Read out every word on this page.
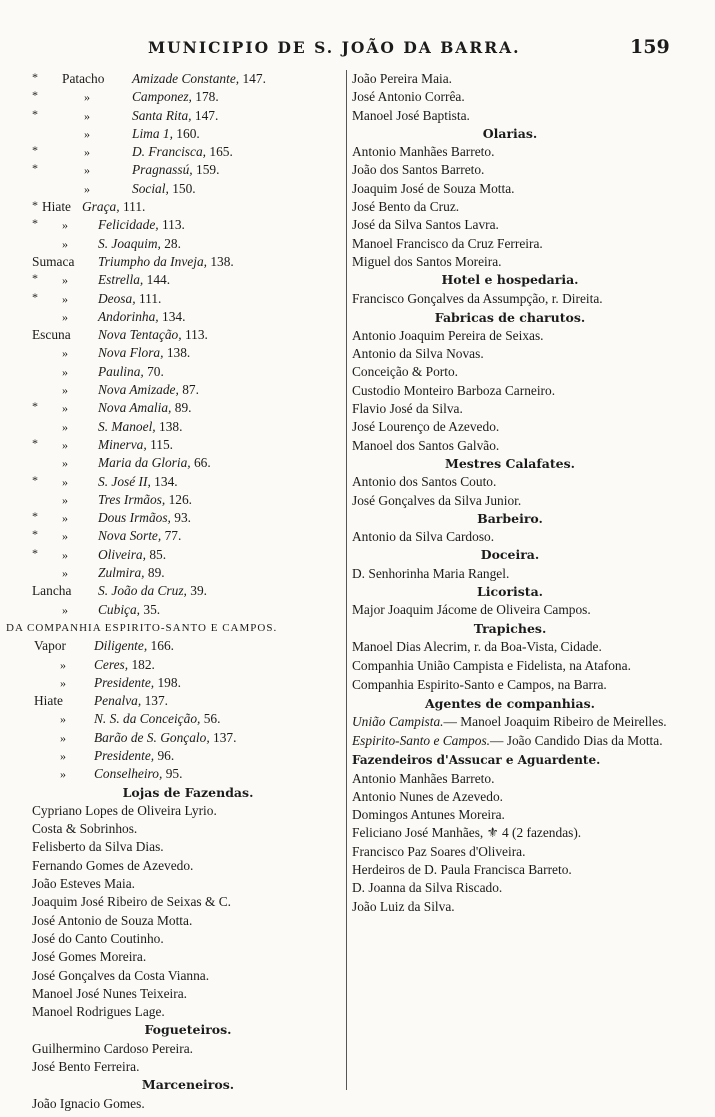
MUNICIPIO DE S. JOÃO DA BARRA.	159
* Patacho Amizade Constante, 147.
*	»	Camponez, 178.
*	»	Santa Rita, 147.
»	Lima 1, 160.
*	»	D. Francisca, 165.
*	»	Pragnassú, 159.
»	Social, 150.
* Hiate Graça, 111.
* » Felicidade, 113.
» S. Joaquim, 28.
Sumaca Triumpho da Inveja, 138.
* » Estrella, 144.
* » Deosa, 111.
» Andorinha, 134.
Escuna Nova Tentação, 113.
» Nova Flora, 138.
» Paulina, 70.
» Nova Amizade, 87.
* » Nova Amalia, 89.
» S. Manoel, 138.
* » Minerva, 115.
» Maria da Gloria, 66.
* » S. José II, 134.
» Tres Irmãos, 126.
* » Dous Irmãos, 93.
* » Nova Sorte, 77.
* » Oliveira, 85.
» Zulmira, 89.
Lancha S. João da Cruz, 39.
» Cubiça, 35.
DA COMPANHIA ESPIRITO-SANTO E CAMPOS.
Vapor Diligente, 166.
» Ceres, 182.
» Presidente, 198.
Hiate Penalva, 137.
» N. S. da Conceição, 56.
» Barão de S. Gonçalo, 137.
» Presidente, 96.
» Conselheiro, 95.
Lojas de Fazendas.
Cypriano Lopes de Oliveira Lyrio.
Costa & Sobrinhos.
Felisberto da Silva Dias.
Fernando Gomes de Azevedo.
João Esteves Maia.
Joaquim José Ribeiro de Seixas & C.
José Antonio de Souza Motta.
José do Canto Coutinho.
José Gomes Moreira.
José Gonçalves da Costa Vianna.
Manoel José Nunes Teixeira.
Manoel Rodrigues Lage.
Fogueteiros.
Guilhermino Cardoso Pereira.
José Bento Ferreira.
Marceneiros.
João Ignacio Gomes.
João Pereira Maia.
José Antonio Corrêa.
Manoel José Baptista.
Olarias.
Antonio Manhães Barreto.
João dos Santos Barreto.
Joaquim José de Souza Motta.
José Bento da Cruz.
José da Silva Santos Lavra.
Manoel Francisco da Cruz Ferreira.
Miguel dos Santos Moreira.
Hotel e hospedaria.
Francisco Gonçalves da Assumpção, r. Direita.
Fabricas de charutos.
Antonio Joaquim Pereira de Seixas.
Antonio da Silva Novas.
Conceição & Porto.
Custodio Monteiro Barboza Carneiro.
Flavio José da Silva.
José Lourenço de Azevedo.
Manoel dos Santos Galvão.
Mestres Calafates.
Antonio dos Santos Couto.
José Gonçalves da Silva Junior.
Barbeiro.
Antonio da Silva Cardoso.
Doceira.
D. Senhorinha Maria Rangel.
Licorista.
Major Joaquim Jácome de Oliveira Campos.
Trapiches.
Manoel Dias Alecrim, r. da Boa-Vista, Cidade.
Companhia União Campista e Fidelista, na Atafona.
Companhia Espirito-Santo e Campos, na Barra.
Agentes de companhias.
União Campista.— Manoel Joaquim Ribeiro de Meirelles.
Espirito-Santo e Campos.— João Candido Dias da Motta.
Fazendeiros d'Assucar e Aguardente.
Antonio Manhães Barreto.
Antonio Nunes de Azevedo.
Domingos Antunes Moreira.
Feliciano José Manhães, ⚜ 4 (2 fazendas).
Francisco Paz Soares d'Oliveira.
Herdeiros de D. Paula Francisca Barreto.
D. Joanna da Silva Riscado.
João Luiz da Silva.
